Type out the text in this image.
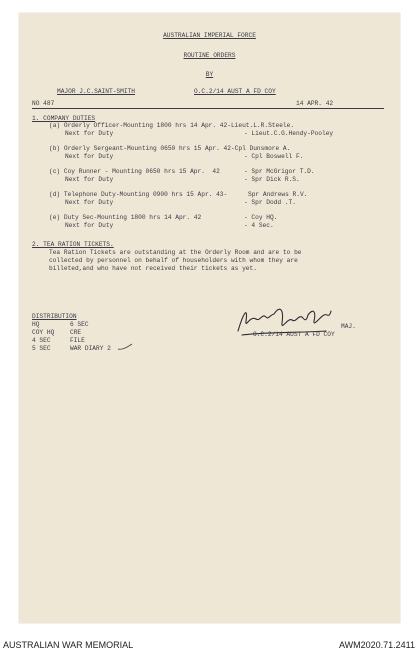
AUSTRALIAN IMPERIAL FORCE
ROUTINE ORDERS
BY
MAJOR J.C.SAINT-SMITH	O.C.2/14 AUST A FD COY
NO 487	14 APR. 42
1. COMPANY DUTIES
(a) Orderly Officer-Mounting 1800 hrs 14 Apr. 42-Lieut.L.R.Steele.
Next for Duty	- Lieut.C.G.Hendy-Pooley
(b) Orderly Sergeant-Mounting 0650 hrs 15 Apr. 42-Cpl Dunsmore A.
Next for Duty	- Cpl Boswell F.
(c) Coy Runner - Mounting 0650 hrs 15 Apr.  42	- Spr McGrigor T.D.
Next for Duty	- Spr Dick R.S.
(d) Telephone Duty-Mounting 0900 hrs 15 Apr. 43-	Spr Andrews R.V.
Next for Duty	- Spr Dodd .T.
(e) Duty Sec-Mounting 1800 hrs 14 Apr. 42	- Coy HQ.
Next for Duty	- 4 Sec.
2. TEA RATION TICKETS.
Tea Ration Tickets are outstanding at the Orderly Room and are to be
collected by personnel on behalf of householders with whom they are
billeted,and who have not received their tickets as yet.
DISTRIBUTION
HQ	6 SEC
COY HQ	CRE
4 SEC	FILE
5 SEC	WAR DIARY 2
MAJ.
O.C.2/14 AUST A FD COY
AUSTRALIAN WAR MEMORIAL	AWM2020.71.2411
